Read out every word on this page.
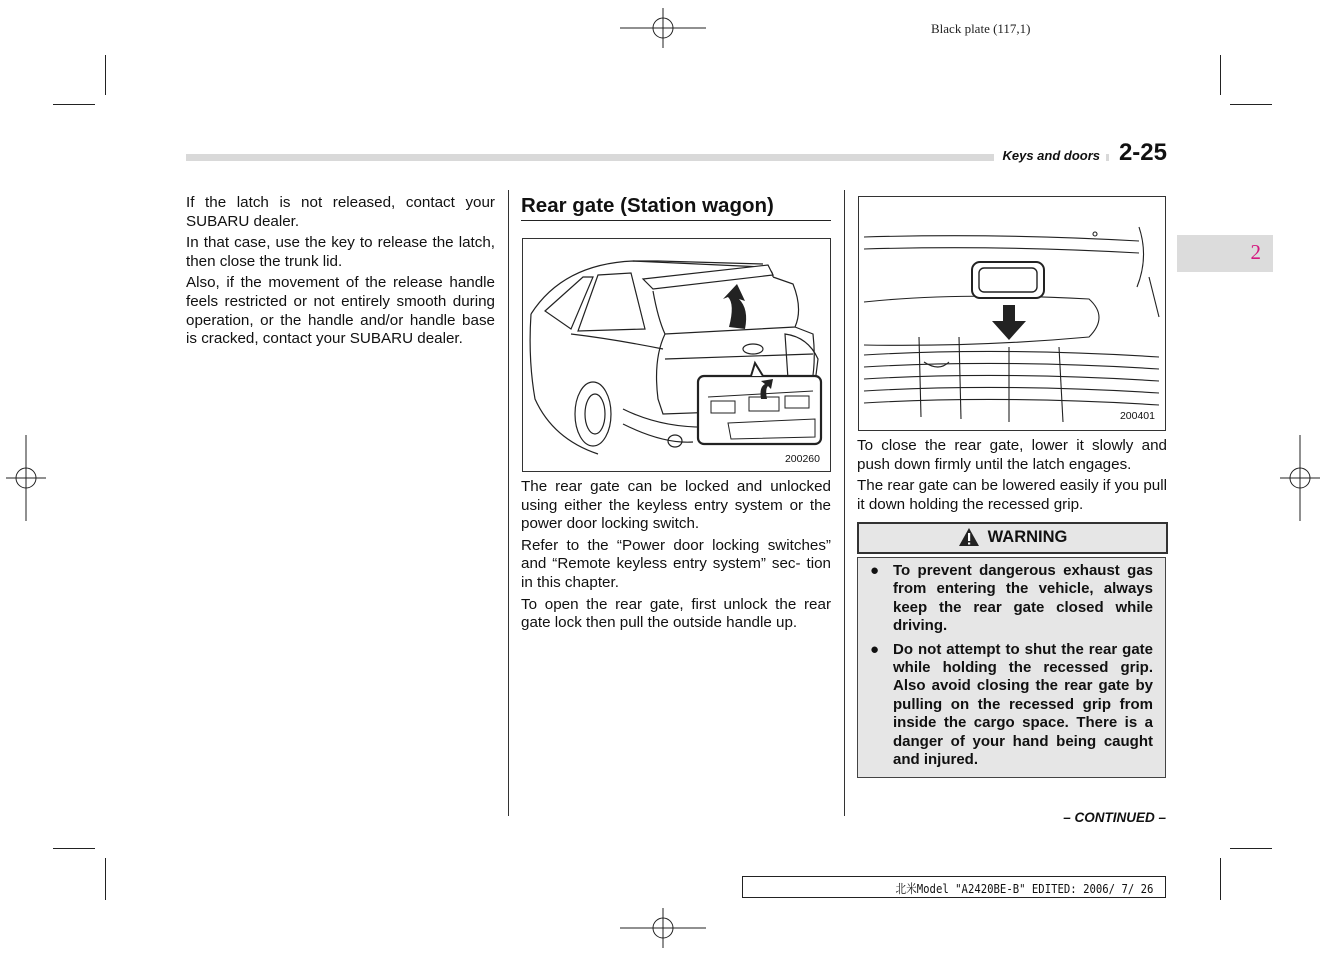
Black plate (117,1)
Keys and doors 2-25
2

If the latch is not released, contact your SUBARU dealer.

In that case, use the key to release the latch, then close the trunk lid.

Also, if the movement of the release handle feels restricted or not entirely smooth during operation, or the handle and/or handle base is cracked, contact your SUBARU dealer.

Rear gate (Station wagon)
200260

The rear gate can be locked and unlocked using either the keyless entry system or the power door locking switch.

Refer to the “Power door locking switches” and “Remote keyless entry system” sec- tion in this chapter.

To open the rear gate, first unlock the rear gate lock then pull the outside handle up.

200401

To close the rear gate, lower it slowly and push down firmly until the latch engages.

The rear gate can be lowered easily if you pull it down holding the recessed grip.

WARNING
● To prevent dangerous exhaust gas from entering the vehicle, always keep the rear gate closed while driving.
● Do not attempt to shut the rear gate while holding the recessed grip. Also avoid closing the rear gate by pulling on the recessed grip from inside the cargo space. There is a danger of your hand being caught and injured.
– CONTINUED –
北米Model "A2420BE-B" EDITED: 2006/ 7/ 26
